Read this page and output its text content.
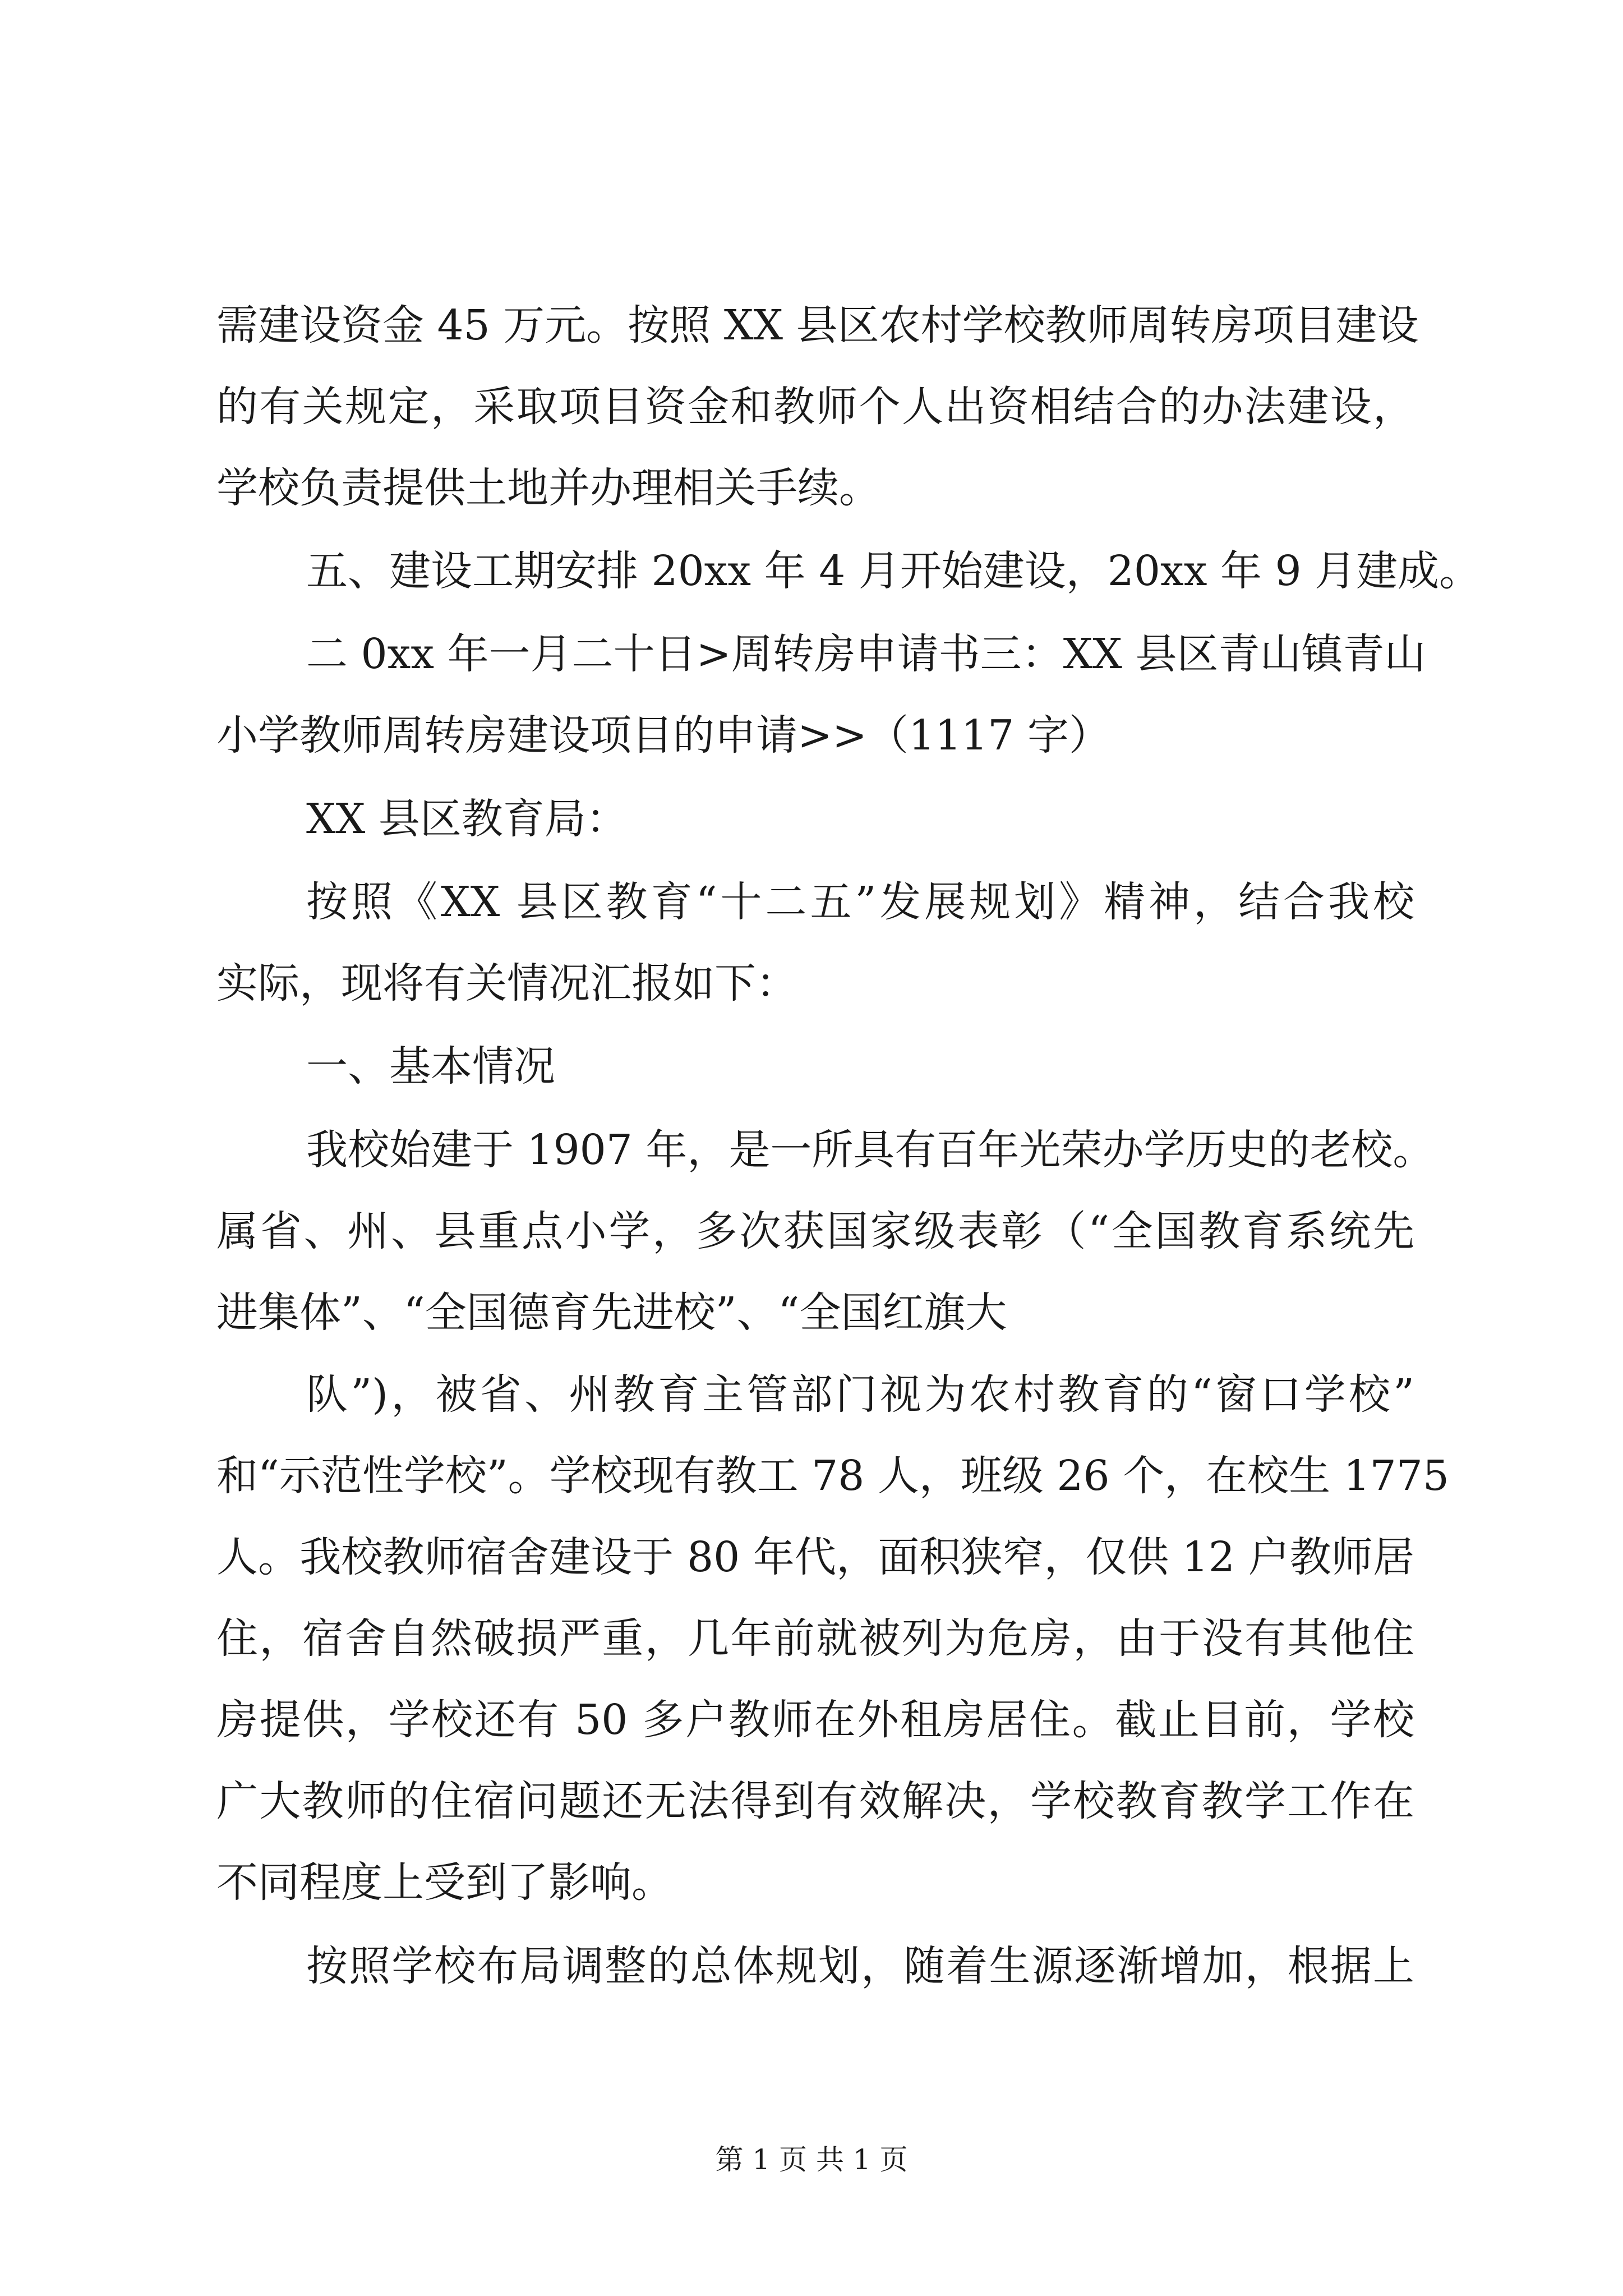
需建设资金 45 万元。按照 XX 县区农村学校教师周转房项目建设
的有关规定，采取项目资金和教师个人出资相结合的办法建设，
学校负责提供土地并办理相关手续。
五、建设工期安排 20xx 年 4 月开始建设，20xx 年 9 月建成。
二 0xx 年一月二十日>周转房申请书三：XX 县区青山镇青山
小学教师周转房建设项目的申请>>（1117 字）
XX 县区教育局：
按照《XX 县区教育“十二五”发展规划》精神，结合我校
实际，现将有关情况汇报如下：
一、基本情况
我校始建于 1907 年，是一所具有百年光荣办学历史的老校。
属省、州、县重点小学，多次获国家级表彰（“全国教育系统先
进集体”、“全国德育先进校”、“全国红旗大
队”)，被省、州教育主管部门视为农村教育的“窗口学校”
和“示范性学校”。学校现有教工 78 人，班级 26 个，在校生 1775
人。我校教师宿舍建设于 80 年代，面积狭窄，仅供 12 户教师居
住，宿舍自然破损严重，几年前就被列为危房，由于没有其他住
房提供，学校还有 50 多户教师在外租房居住。截止目前，学校
广大教师的住宿问题还无法得到有效解决，学校教育教学工作在
不同程度上受到了影响。
按照学校布局调整的总体规划，随着生源逐渐增加，根据上
第 1 页 共 1 页
